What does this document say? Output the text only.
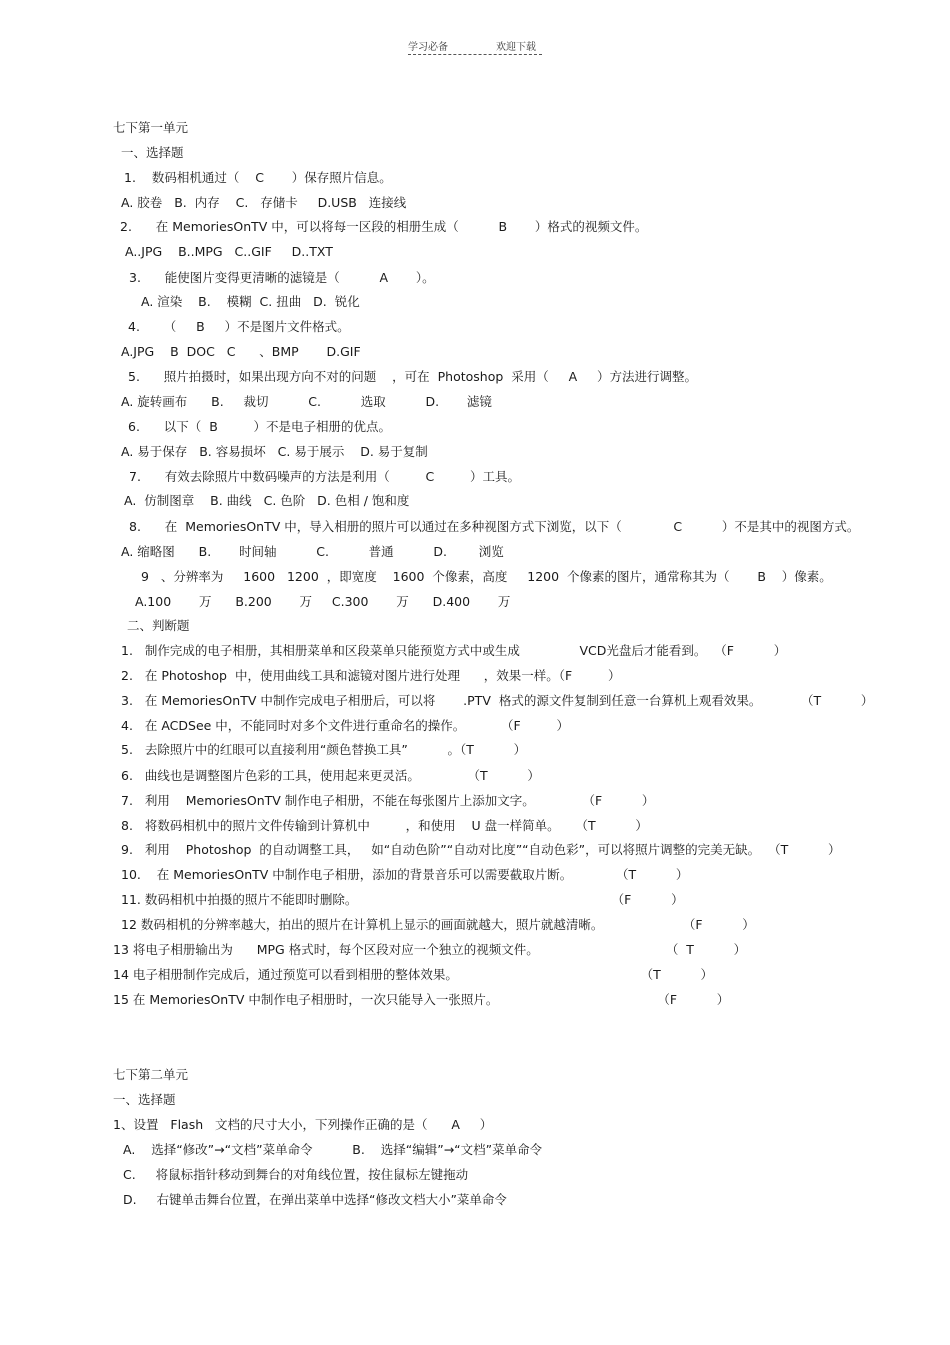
学习必备	欢迎下载
七下第一单元
一、选择题
1.    数码相机通过（    C       ）保存照片信息。
A. 胶卷   B.  内存    C.   存储卡     D.USB   连接线
2.      在 MemoriesOnTV 中，可以将每一区段的相册生成（          B       ）格式的视频文件。
A..JPG    B..MPG   C..GIF     D..TXT
3.      能使图片变得更清晰的滤镜是（          A       ）。
A. 渲染    B.    模糊  C. 扭曲   D.  锐化
4.      （     B     ）不是图片文件格式。
A.JPG    B  DOC   C      、BMP       D.GIF
5.      照片拍摄时，如果出现方向不对的问题    ，可在  Photoshop  采用（     A     ）方法进行调整。
A. 旋转画布      B.     裁切          C.          选取          D.       滤镜
6.      以下（  B         ）不是电子相册的优点。
A. 易于保存   B. 容易损坏   C. 易于展示    D. 易于复制
7.      有效去除照片中数码噪声的方法是利用（         C         ）工具。
A.  仿制图章    B. 曲线   C. 色阶   D. 色相 / 饱和度
8.      在  MemoriesOnTV 中，导入相册的照片可以通过在多种视图方式下浏览，以下（             C          ）不是其中的视图方式。
A. 缩略图      B.       时间轴          C.          普通          D.        浏览
9   、分辨率为     1600   1200  ，即宽度    1600  个像素，高度     1200  个像素的图片，通常称其为（       B    ）像素。
A.100       万      B.200       万     C.300       万      D.400       万
二、判断题
1.   制作完成的电子相册，其相册菜单和区段菜单只能预览方式中或生成               VCD光盘后才能看到。  （F          ）
2.   在 Photoshop  中，使用曲线工具和滤镜对图片进行处理      ，效果一样。（F         ）
3.   在 MemoriesOnTV 中制作完成电子相册后，可以将       .PTV  格式的源文件复制到任意一台算机上观看效果。          （T          ）
4.   在 ACDSee 中，不能同时对多个文件进行重命名的操作。         （F         ）
5.   去除照片中的红眼可以直接利用“颜色替换工具”          。（T          ）
6.   曲线也是调整图片色彩的工具，使用起来更灵活。            （T          ）
7.   利用    MemoriesOnTV 制作电子相册，不能在每张图片上添加文字。            （F          ）
8.   将数码相机中的照片文件传输到计算机中         ，和使用    U 盘一样简单。    （T          ）
9.   利用    Photoshop  的自动调整工具，   如“自动色阶”“自动对比度”“自动色彩”，可以将照片调整的完美无缺。  （T          ）
10.    在 MemoriesOnTV 中制作电子相册，添加的背景音乐可以需要截取片断。           （T          ）
11. 数码相机中拍摄的照片不能即时删除。                                                                （F          ）
12 数码相机的分辨率越大，拍出的照片在计算机上显示的画面就越大，照片就越清晰。                    （F          ）
13 将电子相册输出为      MPG 格式时，每个区段对应一个独立的视频文件。                                （  T          ）
14 电子相册制作完成后，通过预览可以看到相册的整体效果。                                              （T          ）
15 在 MemoriesOnTV 中制作电子相册时，一次只能导入一张照片。                                        （F          ）
七下第二单元
一、选择题
1、设置   Flash   文档的尺寸大小，下列操作正确的是（      A     ）
A.    选择“修改”→“文档”菜单命令          B.    选择“编辑”→“文档”菜单命令
C.     将鼠标指针移动到舞台的对角线位置，按住鼠标左键拖动
D.     右键单击舞台位置，在弹出菜单中选择“修改文档大小”菜单命令
